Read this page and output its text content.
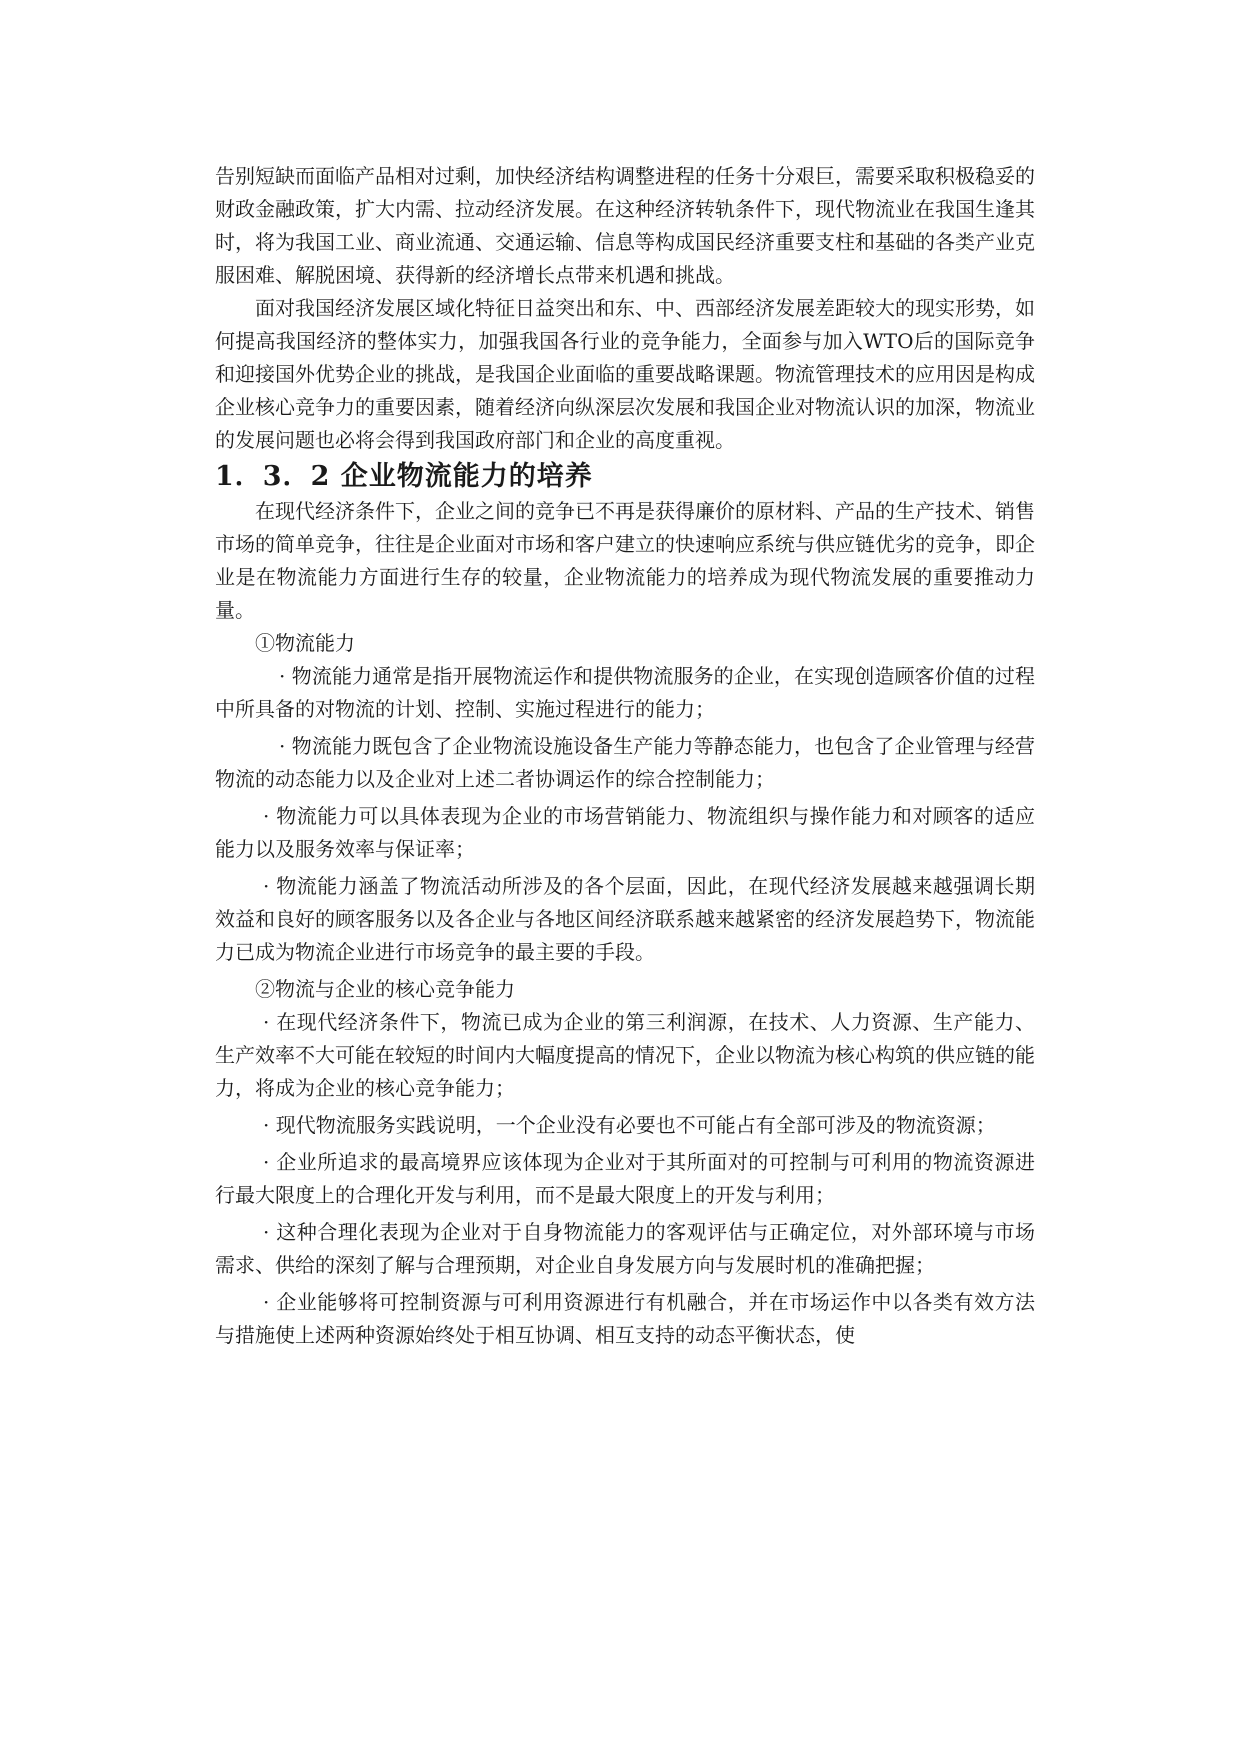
告别短缺而面临产品相对过剩，加快经济结构调整进程的任务十分艰巨，需要采取积极稳妥的财政金融政策，扩大内需、拉动经济发展。在这种经济转轨条件下，现代物流业在我国生逢其时，将为我国工业、商业流通、交通运输、信息等构成国民经济重要支柱和基础的各类产业克服困难、解脱困境、获得新的经济增长点带来机遇和挑战。

面对我国经济发展区域化特征日益突出和东、中、西部经济发展差距较大的现实形势，如何提高我国经济的整体实力，加强我国各行业的竞争能力，全面参与加入WTO后的国际竞争和迎接国外优势企业的挑战，是我国企业面临的重要战略课题。物流管理技术的应用因是构成企业核心竞争力的重要因素，随着经济向纵深层次发展和我国企业对物流认识的加深，物流业的发展问题也必将会得到我国政府部门和企业的高度重视。

1．3．2 企业物流能力的培养

在现代经济条件下，企业之间的竞争已不再是获得廉价的原材料、产品的生产技术、销售市场的简单竞争，往往是企业面对市场和客户建立的快速响应系统与供应链优劣的竞争，即企业是在物流能力方面进行生存的较量，企业物流能力的培养成为现代物流发展的重要推动力量。

①物流能力

· 物流能力通常是指开展物流运作和提供物流服务的企业，在实现创造顾客价值的过程中所具备的对物流的计划、控制、实施过程进行的能力；

· 物流能力既包含了企业物流设施设备生产能力等静态能力，也包含了企业管理与经营物流的动态能力以及企业对上述二者协调运作的综合控制能力；

· 物流能力可以具体表现为企业的市场营销能力、物流组织与操作能力和对顾客的适应能力以及服务效率与保证率；

· 物流能力涵盖了物流活动所涉及的各个层面，因此，在现代经济发展越来越强调长期效益和良好的顾客服务以及各企业与各地区间经济联系越来越紧密的经济发展趋势下，物流能力已成为物流企业进行市场竞争的最主要的手段。

②物流与企业的核心竞争能力

· 在现代经济条件下，物流已成为企业的第三利润源，在技术、人力资源、生产能力、生产效率不大可能在较短的时间内大幅度提高的情况下，企业以物流为核心构筑的供应链的能力，将成为企业的核心竞争能力；

· 现代物流服务实践说明，一个企业没有必要也不可能占有全部可涉及的物流资源；

· 企业所追求的最高境界应该体现为企业对于其所面对的可控制与可利用的物流资源进行最大限度上的合理化开发与利用，而不是最大限度上的开发与利用；

· 这种合理化表现为企业对于自身物流能力的客观评估与正确定位，对外部环境与市场需求、供给的深刻了解与合理预期，对企业自身发展方向与发展时机的准确把握；

· 企业能够将可控制资源与可利用资源进行有机融合，并在市场运作中以各类有效方法与措施使上述两种资源始终处于相互协调、相互支持的动态平衡状态，使
